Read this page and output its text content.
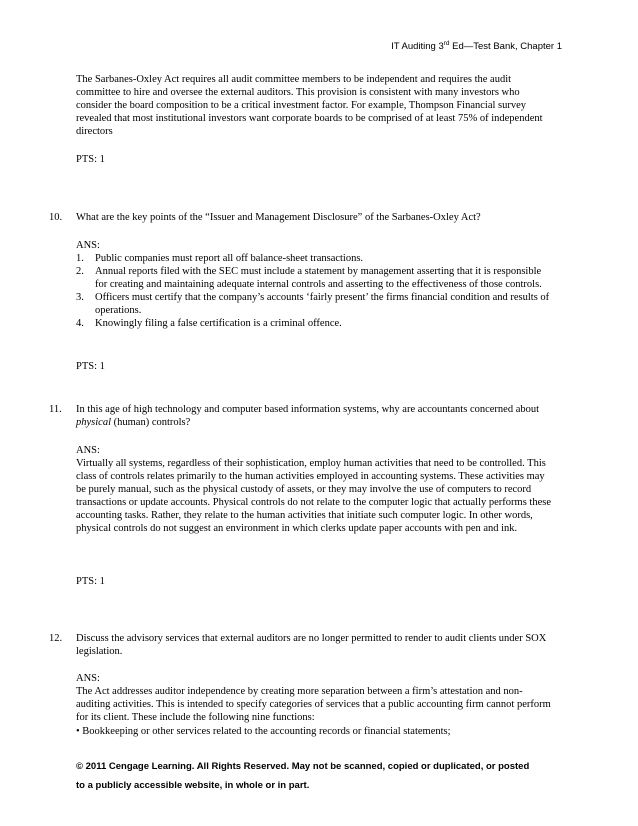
IT Auditing 3rd Ed—Test Bank, Chapter 1
The Sarbanes-Oxley Act requires all audit committee members to be independent and requires the audit committee to hire and oversee the external auditors. This provision is consistent with many investors who consider the board composition to be a critical investment factor. For example, Thompson Financial survey revealed that most institutional investors want corporate boards to be comprised of at least 75% of independent directors
PTS: 1
10.	What are the key points of the “Issuer and Management Disclosure” of the Sarbanes-Oxley Act?
ANS:
1.	Public companies must report all off balance-sheet transactions.
2.	Annual reports filed with the SEC must include a statement by management asserting that it is responsible for creating and maintaining adequate internal controls and asserting to the effectiveness of those controls.
3.	Officers must certify that the company’s accounts ‘fairly present’ the firms financial condition and results of operations.
4.	Knowingly filing a false certification is a criminal offence.
PTS: 1
11.	In this age of high technology and computer based information systems, why are accountants concerned about physical (human) controls?
ANS:
Virtually all systems, regardless of their sophistication, employ human activities that need to be controlled. This class of controls relates primarily to the human activities employed in accounting systems. These activities may be purely manual, such as the physical custody of assets, or they may involve the use of computers to record transactions or update accounts. Physical controls do not relate to the computer logic that actually performs these accounting tasks. Rather, they relate to the human activities that initiate such computer logic. In other words, physical controls do not suggest an environment in which clerks update paper accounts with pen and ink.
PTS: 1
12.	Discuss the advisory services that external auditors are no longer permitted to render to audit clients under SOX legislation.
ANS:
The Act addresses auditor independence by creating more separation between a firm’s attestation and non-auditing activities. This is intended to specify categories of services that a public accounting firm cannot perform for its client. These include the following nine functions:
• Bookkeeping or other services related to the accounting records or financial statements;
© 2011 Cengage Learning. All Rights Reserved. May not be scanned, copied or duplicated, or posted
to a publicly accessible website, in whole or in part.
